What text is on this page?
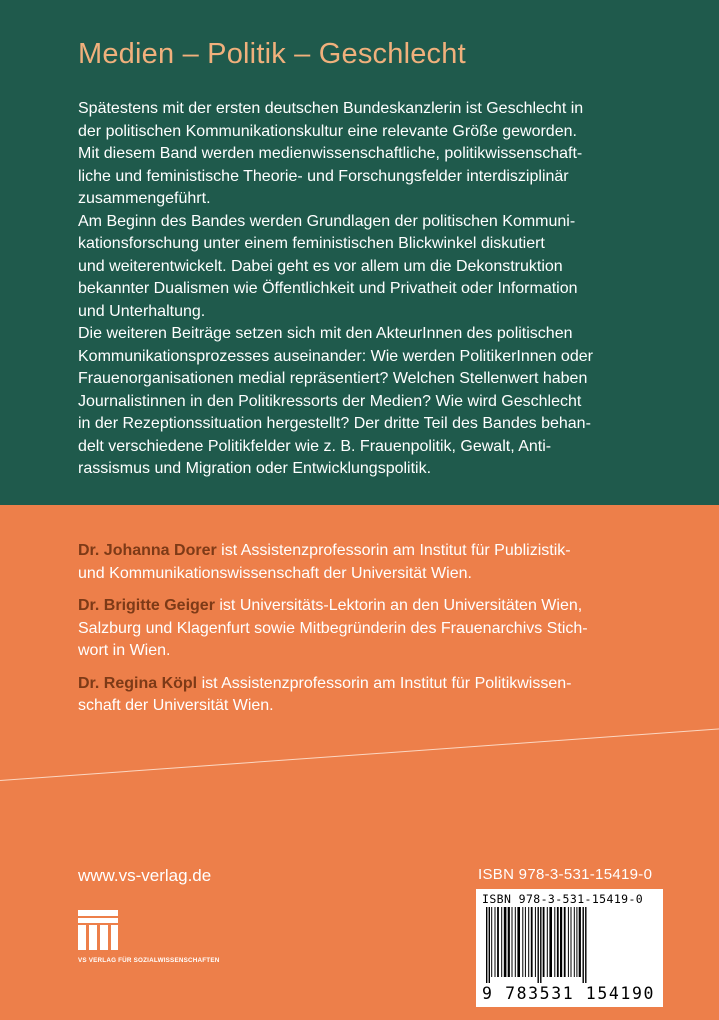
Medien – Politik – Geschlecht

Spätestens mit der ersten deutschen Bundeskanzlerin ist Geschlecht in
der politischen Kommunikationskultur eine relevante Größe geworden.
Mit diesem Band werden medienwissenschaftliche, politikwissenschaft-
liche und feministische Theorie- und Forschungsfelder interdisziplinär
zusammengeführt.

Am Beginn des Bandes werden Grundlagen der politischen Kommuni-
kationsforschung unter einem feministischen Blickwinkel diskutiert
und weiterentwickelt. Dabei geht es vor allem um die Dekonstruktion
bekannter Dualismen wie Öffentlichkeit und Privatheit oder Information
und Unterhaltung.

Die weiteren Beiträge setzen sich mit den AkteurInnen des politischen
Kommunikationsprozesses auseinander: Wie werden PolitikerInnen oder
Frauenorganisationen medial repräsentiert? Welchen Stellenwert haben
Journalistinnen in den Politikressorts der Medien? Wie wird Geschlecht
in der Rezeptionssituation hergestellt? Der dritte Teil des Bandes behan-
delt verschiedene Politikfelder wie z. B. Frauenpolitik, Gewalt, Anti-
rassismus und Migration oder Entwicklungspolitik.

Dr. Johanna Dorer ist Assistenzprofessorin am Institut für Publizistik-
und Kommunikationswissenschaft der Universität Wien.

Dr. Brigitte Geiger ist Universitäts-Lektorin an den Universitäten Wien,
Salzburg und Klagenfurt sowie Mitbegründerin des Frauenarchivs Stich-
wort in Wien.

Dr. Regina Köpl ist Assistenzprofessorin am Institut für Politikwissen-
schaft der Universität Wien.

www.vs-verlag.de
VS VERLAG FÜR SOZIALWISSENSCHAFTEN
ISBN 978-3-531-15419-0
ISBN 978-3-531-15419-0
9 783531 154190
